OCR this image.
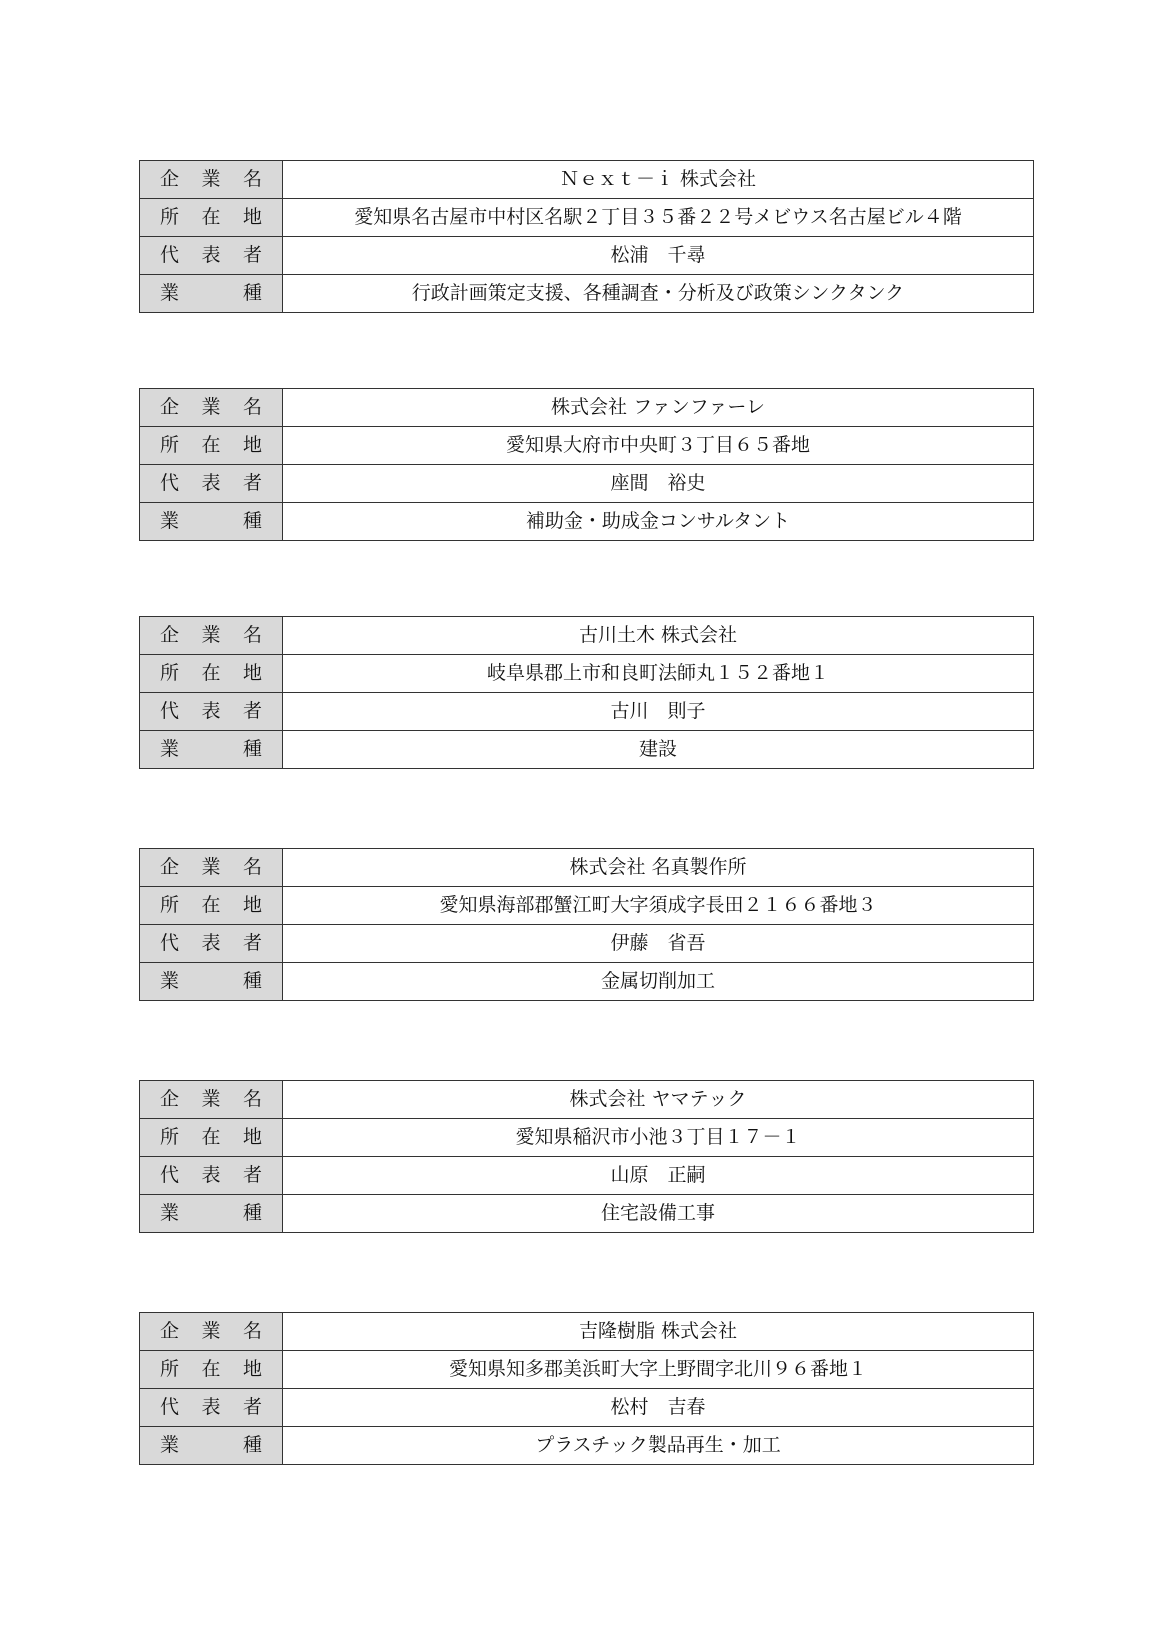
企 業 名	Ｎｅｘｔ－ｉ 株式会社

所 在 地	愛知県名古屋市中村区名駅２丁目３５番２２号メビウス名古屋ビル４階

代 表 者	松浦　千尋

業 種	行政計画策定支援、各種調査・分析及び政策シンクタンク
企 業 名	株式会社 ファンファーレ

所 在 地	愛知県大府市中央町３丁目６５番地

代 表 者	座間　裕史

業 種	補助金・助成金コンサルタント
企 業 名	古川土木 株式会社

所 在 地	岐阜県郡上市和良町法師丸１５２番地１

代 表 者	古川　則子

業 種	建設
企 業 名	株式会社 名真製作所

所 在 地	愛知県海部郡蟹江町大字須成字長田２１６６番地３

代 表 者	伊藤　省吾

業 種	金属切削加工
企 業 名	株式会社 ヤマテック

所 在 地	愛知県稲沢市小池３丁目１７－１

代 表 者	山原　正嗣

業 種	住宅設備工事
企 業 名	吉隆樹脂 株式会社

所 在 地	愛知県知多郡美浜町大字上野間字北川９６番地１

代 表 者	松村　吉春

業 種	プラスチック製品再生・加工
